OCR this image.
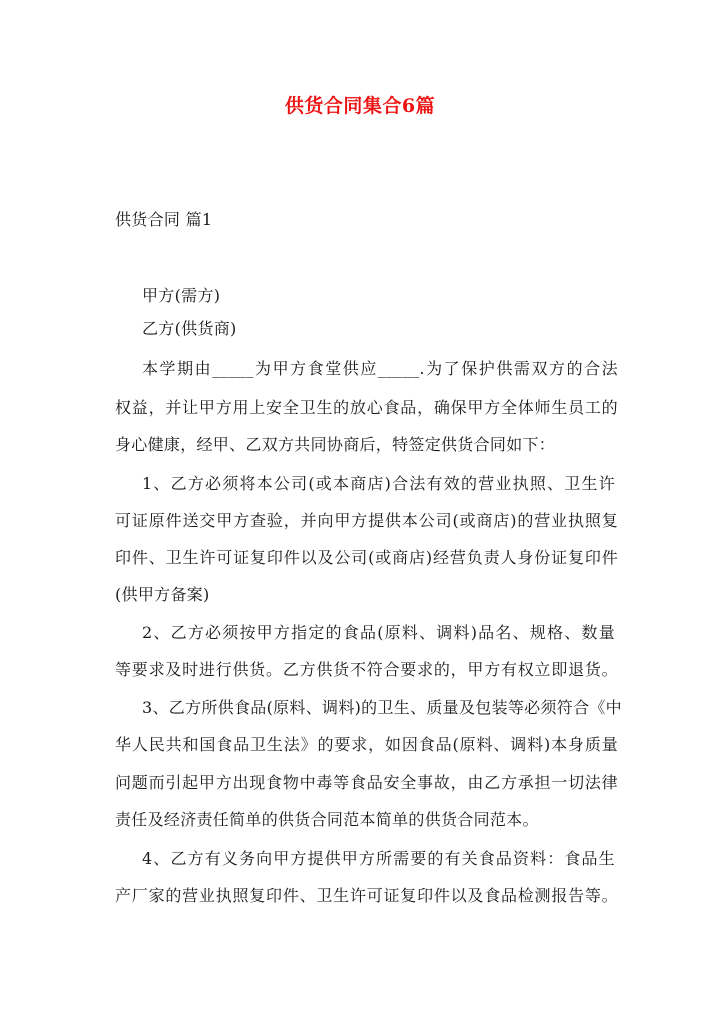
供货合同集合6篇
供货合同 篇1
甲方(需方)
乙方(供货商)
本学期由_____为甲方食堂供应_____.为了保护供需双方的合法
权益，并让甲方用上安全卫生的放心食品，确保甲方全体师生员工的
身心健康，经甲、乙双方共同协商后，特签定供货合同如下：
1、乙方必须将本公司(或本商店)合法有效的营业执照、卫生许
可证原件送交甲方查验，并向甲方提供本公司(或商店)的营业执照复
印件、卫生许可证复印件以及公司(或商店)经营负责人身份证复印件
(供甲方备案)
2、乙方必须按甲方指定的食品(原料、调料)品名、规格、数量
等要求及时进行供货。乙方供货不符合要求的，甲方有权立即退货。
3、乙方所供食品(原料、调料)的卫生、质量及包装等必须符合《中
华人民共和国食品卫生法》的要求，如因食品(原料、调料)本身质量
问题而引起甲方出现食物中毒等食品安全事故，由乙方承担一切法律
责任及经济责任简单的供货合同范本简单的供货合同范本。
4、乙方有义务向甲方提供甲方所需要的有关食品资料：食品生
产厂家的营业执照复印件、卫生许可证复印件以及食品检测报告等。
